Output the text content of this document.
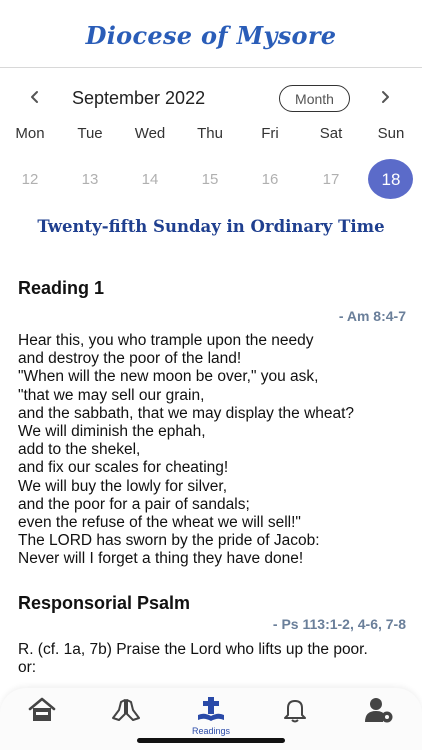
Diocese of Mysore
September 2022	Month
Mon	Tue	Wed	Thu	Fri	Sat	Sun
12	13	14	15	16	17	18
Twenty-fifth Sunday in Ordinary Time
Reading 1
- Am 8:4-7
Hear this, you who trample upon the needy
and destroy the poor of the land!
"When will the new moon be over," you ask,
"that we may sell our grain,
and the sabbath, that we may display the wheat?
We will diminish the ephah,
add to the shekel,
and fix our scales for cheating!
We will buy the lowly for silver,
and the poor for a pair of sandals;
even the refuse of the wheat we will sell!"
The LORD has sworn by the pride of Jacob:
Never will I forget a thing they have done!
Responsorial Psalm
- Ps 113:1-2, 4-6, 7-8
R. (cf. 1a, 7b) Praise the Lord who lifts up the poor.
or:
Readings
